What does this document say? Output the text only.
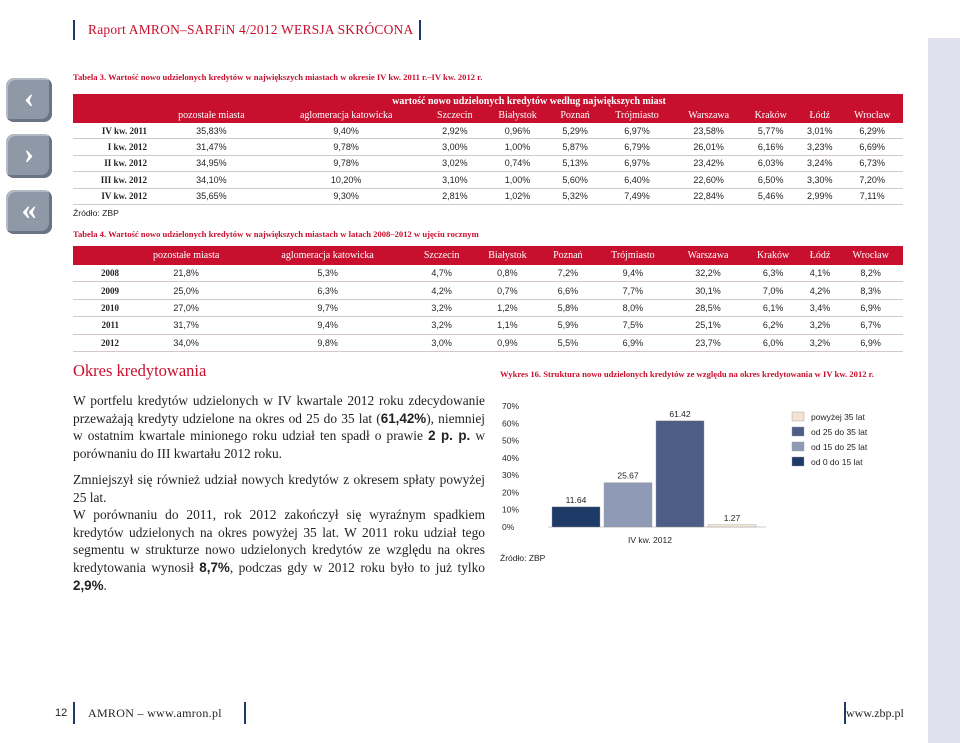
Raport AMRON–SARFiN 4/2012 WERSJA SKRÓCONA
‹
›
«
Tabela 3. Wartość nowo udzielonych kredytów w największych miastach w okresie IV kw. 2011 r.–IV kw. 2012 r.
	wartość nowo udzielonych kredytów według największych miast									
	pozostałe miasta	aglomeracja katowicka	Szczecin	Białystok	Poznań	Trójmiasto	Warszawa	Kraków	Łódź	Wrocław
IV kw. 2011	35,83%	9,40%	2,92%	0,96%	5,29%	6,97%	23,58%	5,77%	3,01%	6,29%
I kw. 2012	31,47%	9,78%	3,00%	1,00%	5,87%	6,79%	26,01%	6,16%	3,23%	6,69%
II kw. 2012	34,95%	9,78%	3,02%	0,74%	5,13%	6,97%	23,42%	6,03%	3,24%	6,73%
III kw. 2012	34,10%	10,20%	3,10%	1,00%	5,60%	6,40%	22,60%	6,50%	3,30%	7,20%
IV kw. 2012	35,65%	9,30%	2,81%	1,02%	5,32%	7,49%	22,84%	5,46%	2,99%	7,11%
Źródło: ZBP
Tabela 4. Wartość nowo udzielonych kredytów w największych miastach w latach 2008–2012 w ujęciu rocznym
	pozostałe miasta	aglomeracja katowicka	Szczecin	Białystok	Poznań	Trójmiasto	Warszawa	Kraków	Łódź	Wrocław
2008	21,8%	5,3%	4,7%	0,8%	7,2%	9,4%	32,2%	6,3%	4,1%	8,2%
2009	25,0%	6,3%	4,2%	0,7%	6,6%	7,7%	30,1%	7,0%	4,2%	8,3%
2010	27,0%	9,7%	3,2%	1,2%	5,8%	8,0%	28,5%	6,1%	3,4%	6,9%
2011	31,7%	9,4%	3,2%	1,1%	5,9%	7,5%	25,1%	6,2%	3,2%	6,7%
2012	34,0%	9,8%	3,0%	0,9%	5,5%	6,9%	23,7%	6,0%	3,2%	6,9%
Okres kredytowania
W portfelu kredytów udzielonych w IV kwartale 2012 roku zdecydowanie przeważają kredyty udzielone na okres od 25 do 35 lat (61,42%), niemniej w ostatnim kwartale minionego roku udział ten spadł o prawie 2 p. p. w porównaniu do III kwartału 2012 roku.
Zmniejszył się również udział nowych kredytów z okresem spłaty powyżej 25 lat.
W porównaniu do 2011, rok 2012 zakończył się wyraźnym spadkiem kredytów udzielonych na okres powyżej 35 lat. W 2011 roku udział tego segmentu w strukturze nowo udzielonych kredytów ze względu na okres kredytowania wynosił 8,7%, podczas gdy w 2012 roku było to już tylko 2,9%.
Wykres 16. Struktura nowo udzielonych kredytów ze względu na okres kredytowania w IV kw. 2012 r.
0%
10%
20%
30%
40%
50%
60%
70%
11.64
25.67
61.42
1.27
IV kw. 2012
Źródło: ZBP
powyżej 35 lat
od 25 do 35 lat
od 15 do 25 lat
od 0 do 15 lat
12 AMRON – www.amron.pl	www.zbp.pl
